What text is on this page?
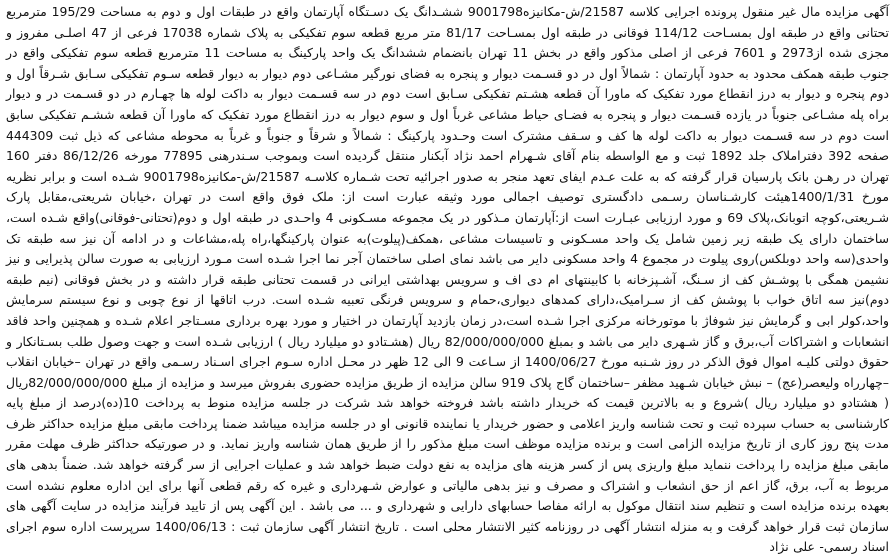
آگهی مزایده مال غیر منقول پرونده اجرایی کلاسه 21587/ش-مکانیزه9001798 ششـدانگ یک دسـتگاه آپارتمان واقع در طبقات اول و دوم به مساحت 195/29 مترمربع تحتانی واقع در طبقه اول بمسـاحت 114/12 فوقانی در طبقه اول بمسـاحت 81/17 متر مربع قطعه سوم تفکیکی به پلاک شماره 17038 فرعی از 47 اصلـی مفروز و مجزی شده از2973 و 7601 فرعی از اصلی مذکور واقع در بخش 11 تهران بانضمام ششدانگ یک واحد پارکینگ به مساحت 11 مترمربع قطعه سوم تفکیکی واقع در جنوب طبقه همکف محدود به حدود آپارتمان : شمالاً اول در دو قسـمت دیوار و پنجره به فضای نورگیر مشـاعی دوم دیوار به دیوار قطعه سـوم تفکیکی سـابق شـرقاً اول و دوم پنجره و دیوار به درز انقطاع مورد تفکیک که ماورا آن قطعه هشـتم تفکیکی سـابق است دوم در سه قسـمت دیوار به داکت لوله ها چهـارم در دو قسـمت در و دیوار براه پله مشـاعی جنوباً در یازده قسـمت دیوار و پنجره به فضـای حیاط مشاعی غرباً اول و سوم دیوار به درز انقطاع مورد تفکیک که ماورا آن قطعه ششـم تفکیکی سابق است دوم در سه قسـمت دیوار به داکت لوله ها کف و سـقف مشترک است وحـدود پارکینگ : شمالاً و شرقاً و جنوباً و غرباً به محوطه مشاعی که ذیل ثبت 444309 صفحه 392 دفتراملاک جلد 1892 ثبت و مع الواسطه بنام آقای شـهرام احمد نژاد آبکنار منتقل گردیده است وبموجب سـندرهنی 77895 مورخه 86/12/26 دفتر 160 تهران در رهـن بانک پارسیان قرار گرفته که به علت عـدم ایفای تعهد منجر به صدور اجرائیه تحت شـماره کلاسـه 21587/ش-مکانیزه9001798 شـده است و برابر نظریه مورخ 1400/1/31هیئت کارشـناسان رسـمی دادگستری توصیف اجمالی مورد وثیقه عبارت است از: ملک فوق واقع است در تهران ،خیابان شریعتی،مقابل پارک شـریعتی،کوچه اتوبانک،پلاک 69 و مورد ارزیابی عبـارت است از:آپارتمان مـذکور در یک مجموعه مسـکونی 4 واحـدی در طبقه اول و دوم(تحتانی-فوقانی)واقع شـده است، ساختمان دارای یک طبقه زیر زمین شامل یک واحد مسـکونی و تاسیسات مشاعی ،همکف(پیلوت)به عنوان پارکینگها،راه پله،مشاعات و در ادامه آن نیز سه طبقه تک واحدی(سه واحد دوبلکس)روی پیلوت در مجموع 4 واحد مسکونی دایر می باشد نمای اصلی ساختمان آجر نما اجرا شـده است مـورد ارزیابی به صورت سالن پذیرایی و نیز نشیمن همگی با پوشـش کف از سـنگ، آشـپزخانه با کابینتهای ام دی اف و سرویس بهداشتی ایرانی در قسمت تحتانی طبقه قرار داشته و در بخش فوقانی (نیم طبقه دوم)نیز سه اتاق خواب با پوشش کف از سـرامیک،دارای کمدهای دیواری،حمام و سرویس فرنگی تعبیه شـده است. درب اتاقها از نوع چوبی و نوع سیستم سرمایش واحد،کولر ابی و گرمایش نیز شوفاژ با موتورخانه مرکزی اجرا شـده است،در زمان بازدید آپارتمان در اختیار و مورد بهره برداری مسـتاجر اعلام شـده و همچنین واحد فاقد انشعابات و اشتراکات آب،برق و گاز شـهری دایر می باشد و بمبلغ 82/000/000/000 ریال (هشـتادو دو میلیارد ریال ) ارزیابی شـده است و جهت وصول طلب بسـتانکار و حقوق دولتی کلیـه اموال فوق الذکر در روز شـنبه مورخ 1400/06/27 از سـاعت 9 الی 12 ظهر در محـل اداره سـوم اجرای اسـناد رسـمی واقع در تهران –خیابان انقلاب –چهارراه ولیعصر(عج) – نبش خیابان شـهید مظفر –ساختمان گاج پلاک 919 سالن مزایده از طریق مزایده حضوری بفروش میرسد و مزایده از مبلغ 82/000/000/000ریال ( هشتادو دو میلیارد ریال )شروع و به بالاترین قیمت که خریدار داشته باشد فروخته خواهد شد شرکت در جلسه مزایده منوط به پرداخت 10(ده)درصد از مبلغ پایه کارشناسی به حساب سپرده ثبت و تحت شناسه واریز اعلامی و حضور خریدار یا نماینده قانونی او در جلسه مزایده میباشد ضمنا پرداخت مابقی مبلغ مزایده حداکثر ظرف مدت پنج روز کاری از تاریخ مزایده الزامی است و برنده مزایده موظف است مبلغ مذکور را از طریق همان شناسه واریز نماید. و در صورتیکه حداکثر ظرف مهلت مقرر مابقی مبلغ مزایده را پرداخت ننماید مبلغ واریزی پس از کسر هزینه های مزایده به نفع دولت ضبط خواهد شد و عملیات اجرایی از سر گرفته خواهد شد. ضمناً بدهی های مربوط به آب، برق، گاز اعم از حق انشعاب و اشتراک و مصرف و نیز بدهی مالیاتی و عوارض شـهرداری و غیره که رقم قطعی آنها برای این اداره معلوم نشده است بعهده برنده مزایده است و تنظیم سند انتقال موکول به ارائه مفاصا حسابهای دارایی و شهرداری و ... می باشد . این آگهی پس از تایید فرآیند مزایده در سایت آگهی های سازمان ثبت قرار خواهد گرفت و به منزله انتشار آگهی در روزنامه کثیر الانتشار محلی است . تاریخ انتشار آگهی سازمان ثبت : 1400/06/13 سرپرست اداره سوم اجرای اسناد رسمی- علی نژاد
